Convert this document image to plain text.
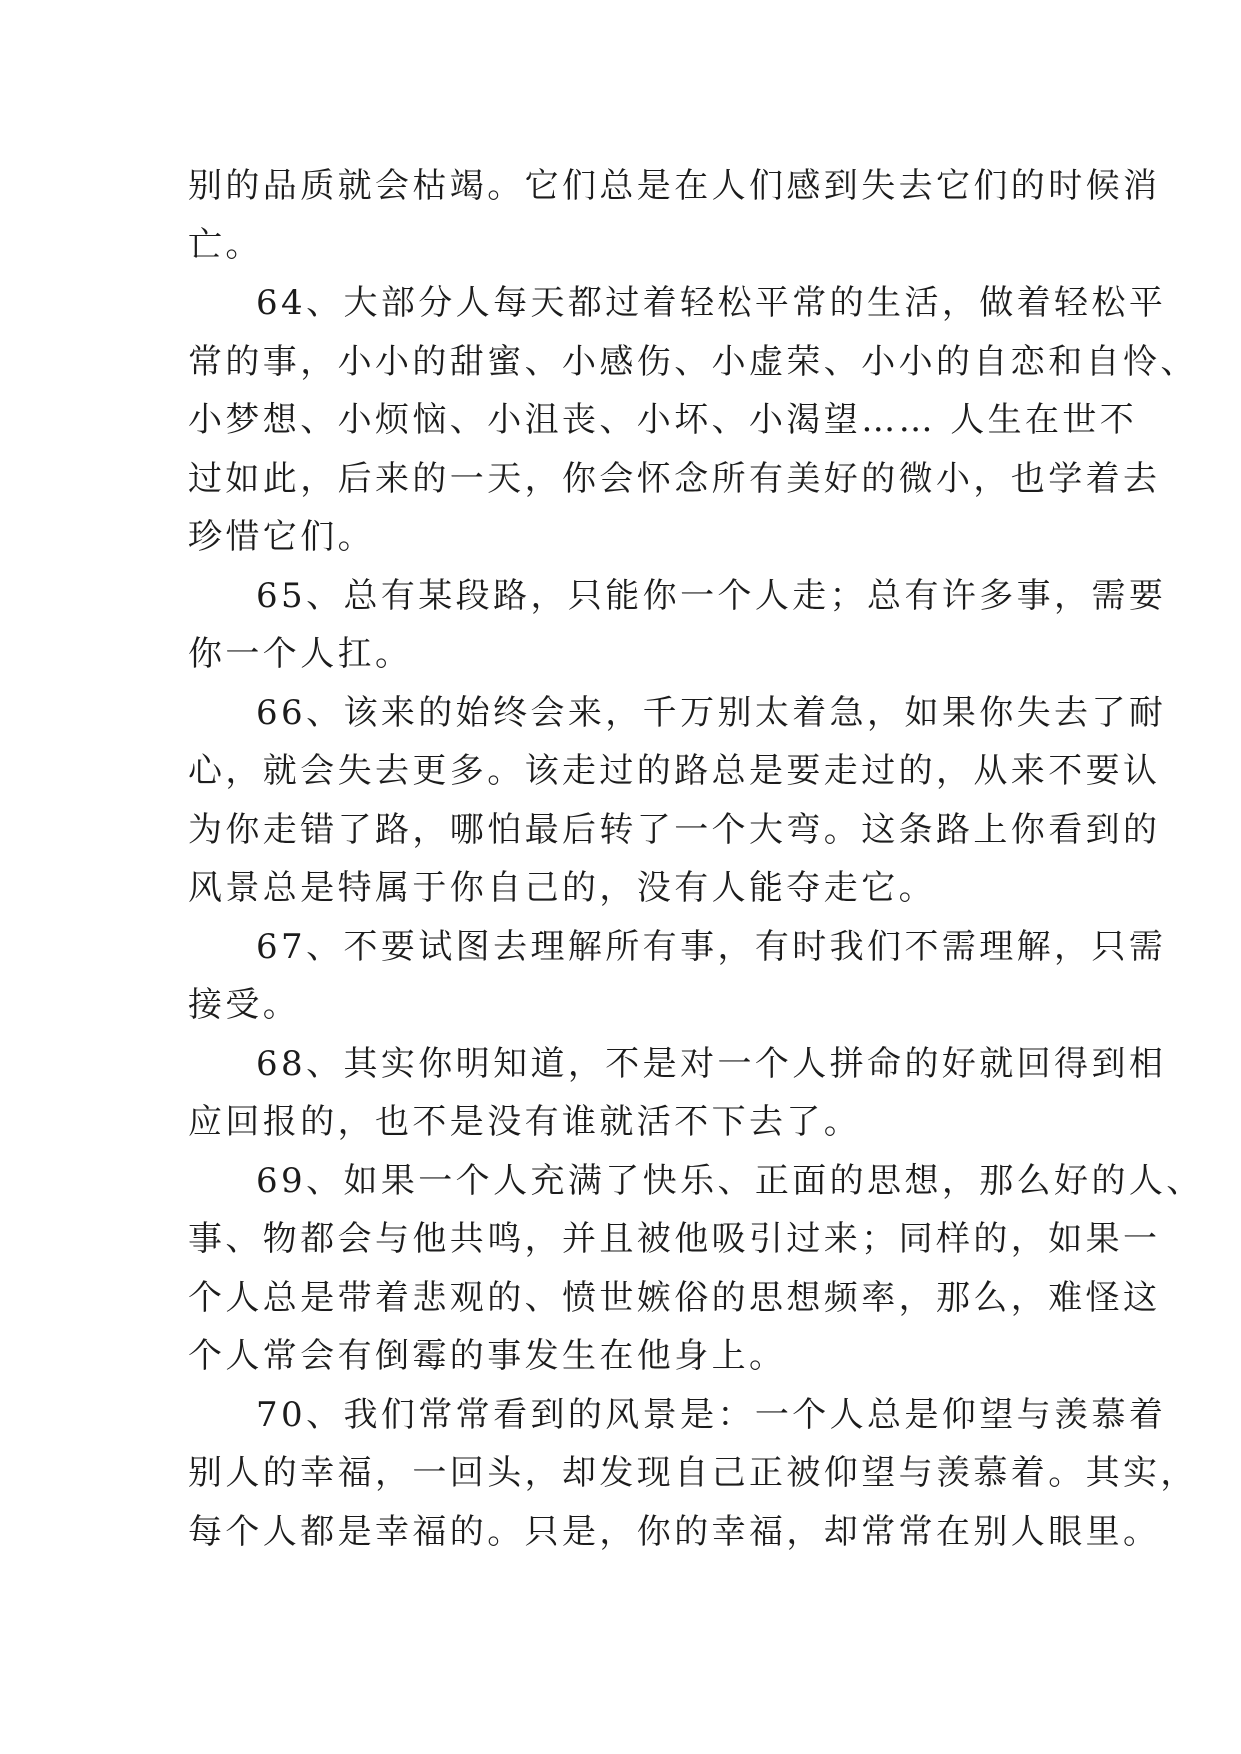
别的品质就会枯竭。它们总是在人们感到失去它们的时候消
亡。
64、大部分人每天都过着轻松平常的生活，做着轻松平
常的事，小小的甜蜜、小感伤、小虚荣、小小的自恋和自怜、
小梦想、小烦恼、小沮丧、小坏、小渴望…… 人生在世不
过如此，后来的一天，你会怀念所有美好的微小，也学着去
珍惜它们。
65、总有某段路，只能你一个人走；总有许多事，需要
你一个人扛。
66、该来的始终会来，千万别太着急，如果你失去了耐
心，就会失去更多。该走过的路总是要走过的，从来不要认
为你走错了路，哪怕最后转了一个大弯。这条路上你看到的
风景总是特属于你自己的，没有人能夺走它。
67、不要试图去理解所有事，有时我们不需理解，只需
接受。
68、其实你明知道，不是对一个人拼命的好就回得到相
应回报的，也不是没有谁就活不下去了。
69、如果一个人充满了快乐、正面的思想，那么好的人、
事、物都会与他共鸣，并且被他吸引过来；同样的，如果一
个人总是带着悲观的、愤世嫉俗的思想频率，那么，难怪这
个人常会有倒霉的事发生在他身上。
70、我们常常看到的风景是：一个人总是仰望与羡慕着
别人的幸福，一回头，却发现自己正被仰望与羡慕着。其实，
每个人都是幸福的。只是，你的幸福，却常常在别人眼里。
